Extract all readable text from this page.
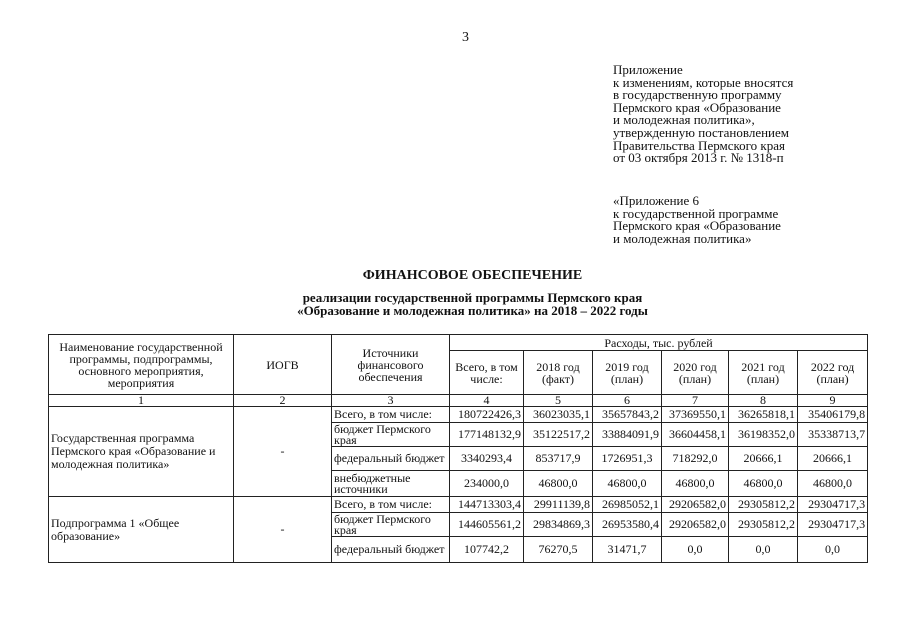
3
Приложение
к изменениям, которые вносятся
в государственную программу
Пермского края «Образование
и молодежная политика»,
утвержденную постановлением
Правительства Пермского края
от 03 октября 2013 г. № 1318-п
«Приложение 6
к государственной программе
Пермского края «Образование
и молодежная политика»
ФИНАНСОВОЕ ОБЕСПЕЧЕНИЕ
реализации государственной программы Пермского края
«Образование и молодежная политика» на 2018 – 2022 годы
Наименование государственной программы, подпрограммы, основного мероприятия, мероприятия	ИОГВ	Источники финансового обеспечения	Расходы, тыс. рублей					
			Всего, в том числе:	2018 год (факт)	2019 год (план)	2020 год (план)	2021 год (план)	2022 год (план)
1	2	3	4	5	6	7	8	9
Государственная программа Пермского края «Образование и молодежная политика»	-	Всего, в том числе:	180722426,3	36023035,1	35657843,2	37369550,1	36265818,1	35406179,8
		бюджет Пермского края	177148132,9	35122517,2	33884091,9	36604458,1	36198352,0	35338713,7
		федеральный бюджет	3340293,4	853717,9	1726951,3	718292,0	20666,1	20666,1
		внебюджетные источники	234000,0	46800,0	46800,0	46800,0	46800,0	46800,0
Подпрограмма 1 «Общее образование»	-	Всего, в том числе:	144713303,4	29911139,8	26985052,1	29206582,0	29305812,2	29304717,3
		бюджет Пермского края	144605561,2	29834869,3	26953580,4	29206582,0	29305812,2	29304717,3
		федеральный бюджет	107742,2	76270,5	31471,7	0,0	0,0	0,0
